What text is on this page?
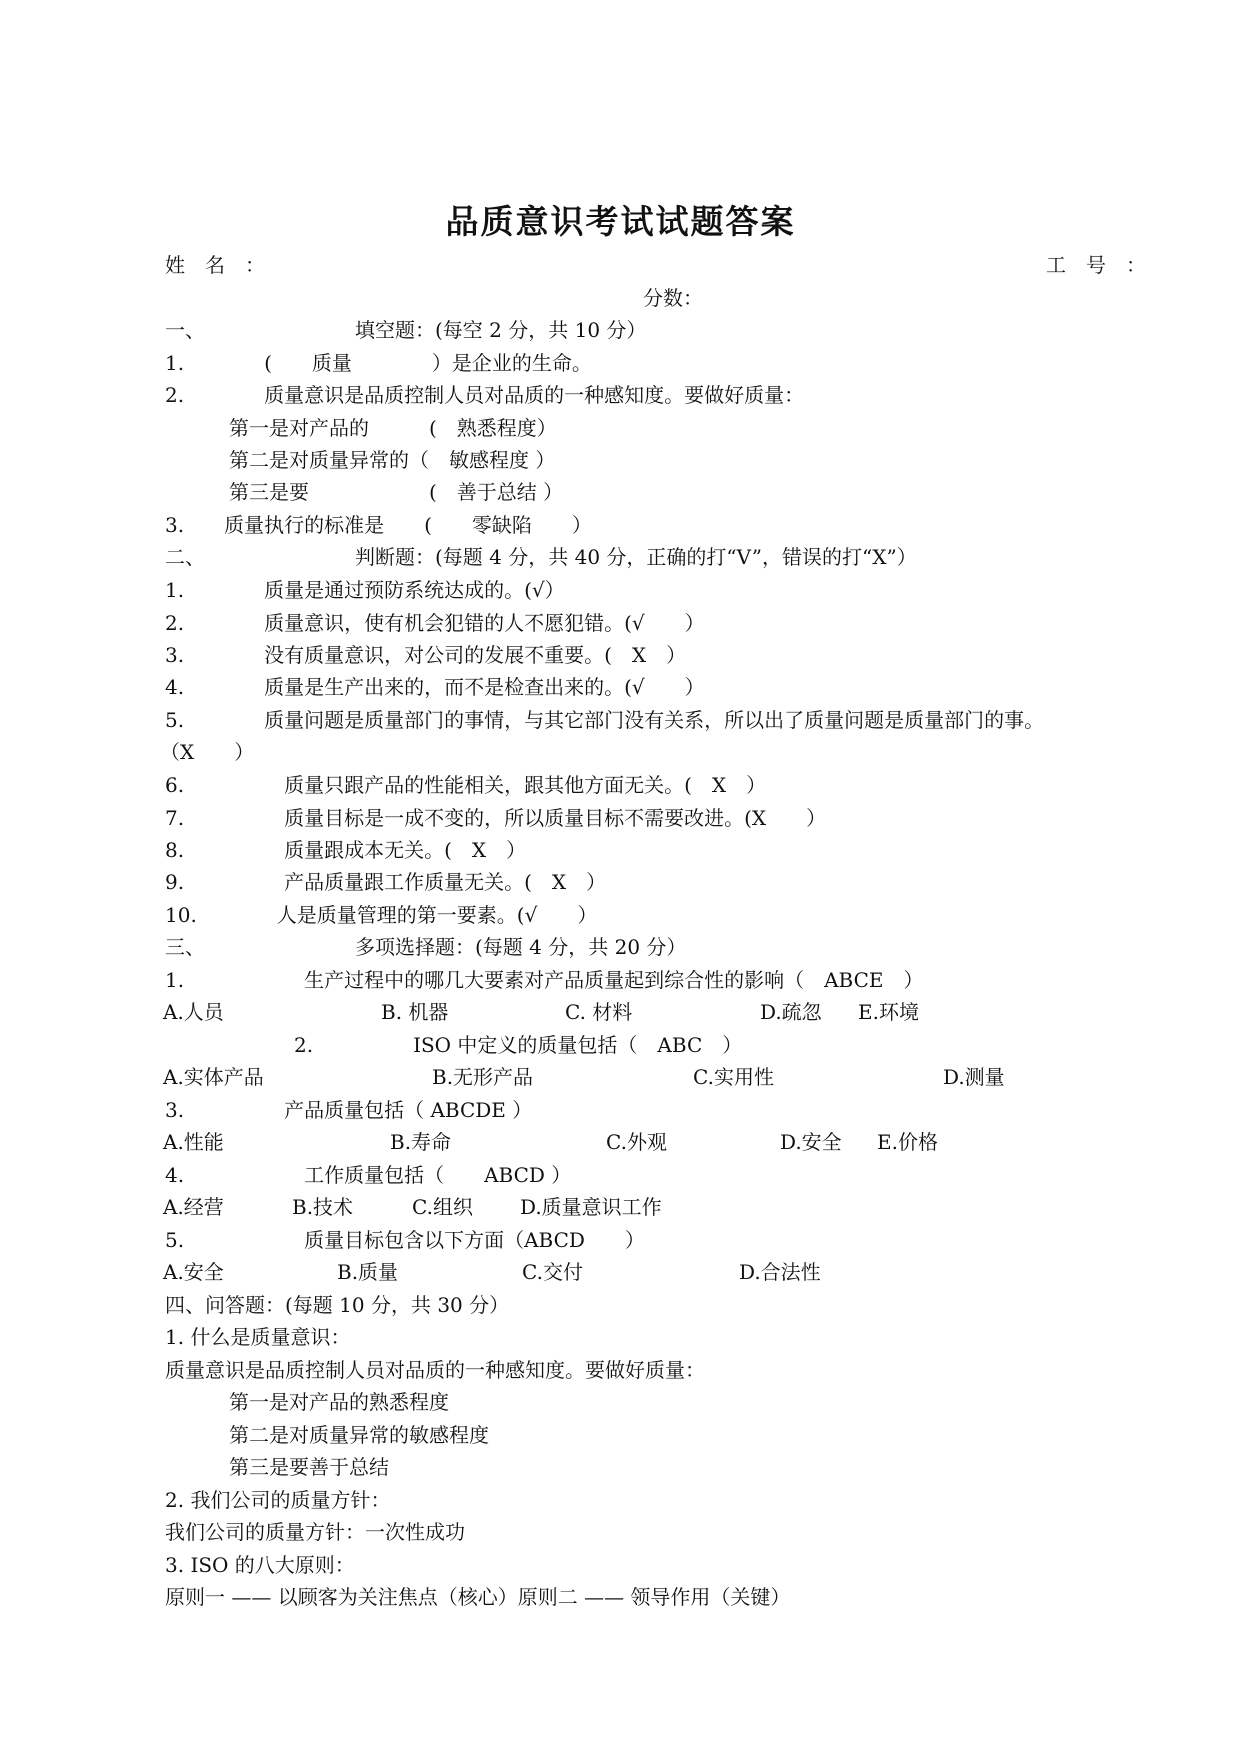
品质意识考试试题答案
姓　名　：	工　号　：
分数：
一、　　　　　　　　填空题：(每空 2 分，共 10 分）
1.　　　　(　　质量　　　　）是企业的生命。
2.　　　　质量意识是品质控制人员对品质的一种感知度。要做好质量：
第一是对产品的　　　(　熟悉程度）
第二是对质量异常的（　敏感程度 ）
第三是要　　　　　　(　善于总结 ）
3.　　质量执行的标准是　　(　　零缺陷　　）
二、　　　　　　　　判断题：(每题 4 分，共 40 分，正确的打“V”，错误的打“X”）
1.　　　　质量是通过预防系统达成的。(√）
2.　　　　质量意识，使有机会犯错的人不愿犯错。(√　　）
3.　　　　没有质量意识，对公司的发展不重要。(　X　）
4.　　　　质量是生产出来的，而不是检查出来的。(√　　）
5.　　　　质量问题是质量部门的事情，与其它部门没有关系，所以出了质量问题是质量部门的事。
（X　　）
6.　　　　　质量只跟产品的性能相关，跟其他方面无关。(　X　）
7.　　　　　质量目标是一成不变的，所以质量目标不需要改进。(X　　）
8.　　　　　质量跟成本无关。(　X　）
9.　　　　　产品质量跟工作质量无关。(　X　）
10.　　　　人是质量管理的第一要素。(√　　）
三、　　　　　　　　多项选择题：(每题 4 分，共 20 分）
1.　　　　　　生产过程中的哪几大要素对产品质量起到综合性的影响（　ABCE　）
A.人员	B. 机器	C. 材料	D.疏忽 E.环境
2.　　　　　ISO 中定义的质量包括（　ABC　）
A.实体产品	B.无形产品	C.实用性	D.测量
3.　　　　　产品质量包括（ ABCDE ）
A.性能	B.寿命	C.外观	D.安全 E.价格
4.　　　　　　工作质量包括（　　ABCD ）
A.经营	B.技术	C.组织 D.质量意识工作
5.　　　　　　质量目标包含以下方面（ABCD　　）
A.安全	B.质量	C.交付	D.合法性
四、问答题：(每题 10 分，共 30 分）
1. 什么是质量意识：
质量意识是品质控制人员对品质的一种感知度。要做好质量：
第一是对产品的熟悉程度
第二是对质量异常的敏感程度
第三是要善于总结
2. 我们公司的质量方针：
我们公司的质量方针：一次性成功
3. ISO 的八大原则：
原则一 —— 以顾客为关注焦点（核心）原则二 —— 领导作用（关键）
